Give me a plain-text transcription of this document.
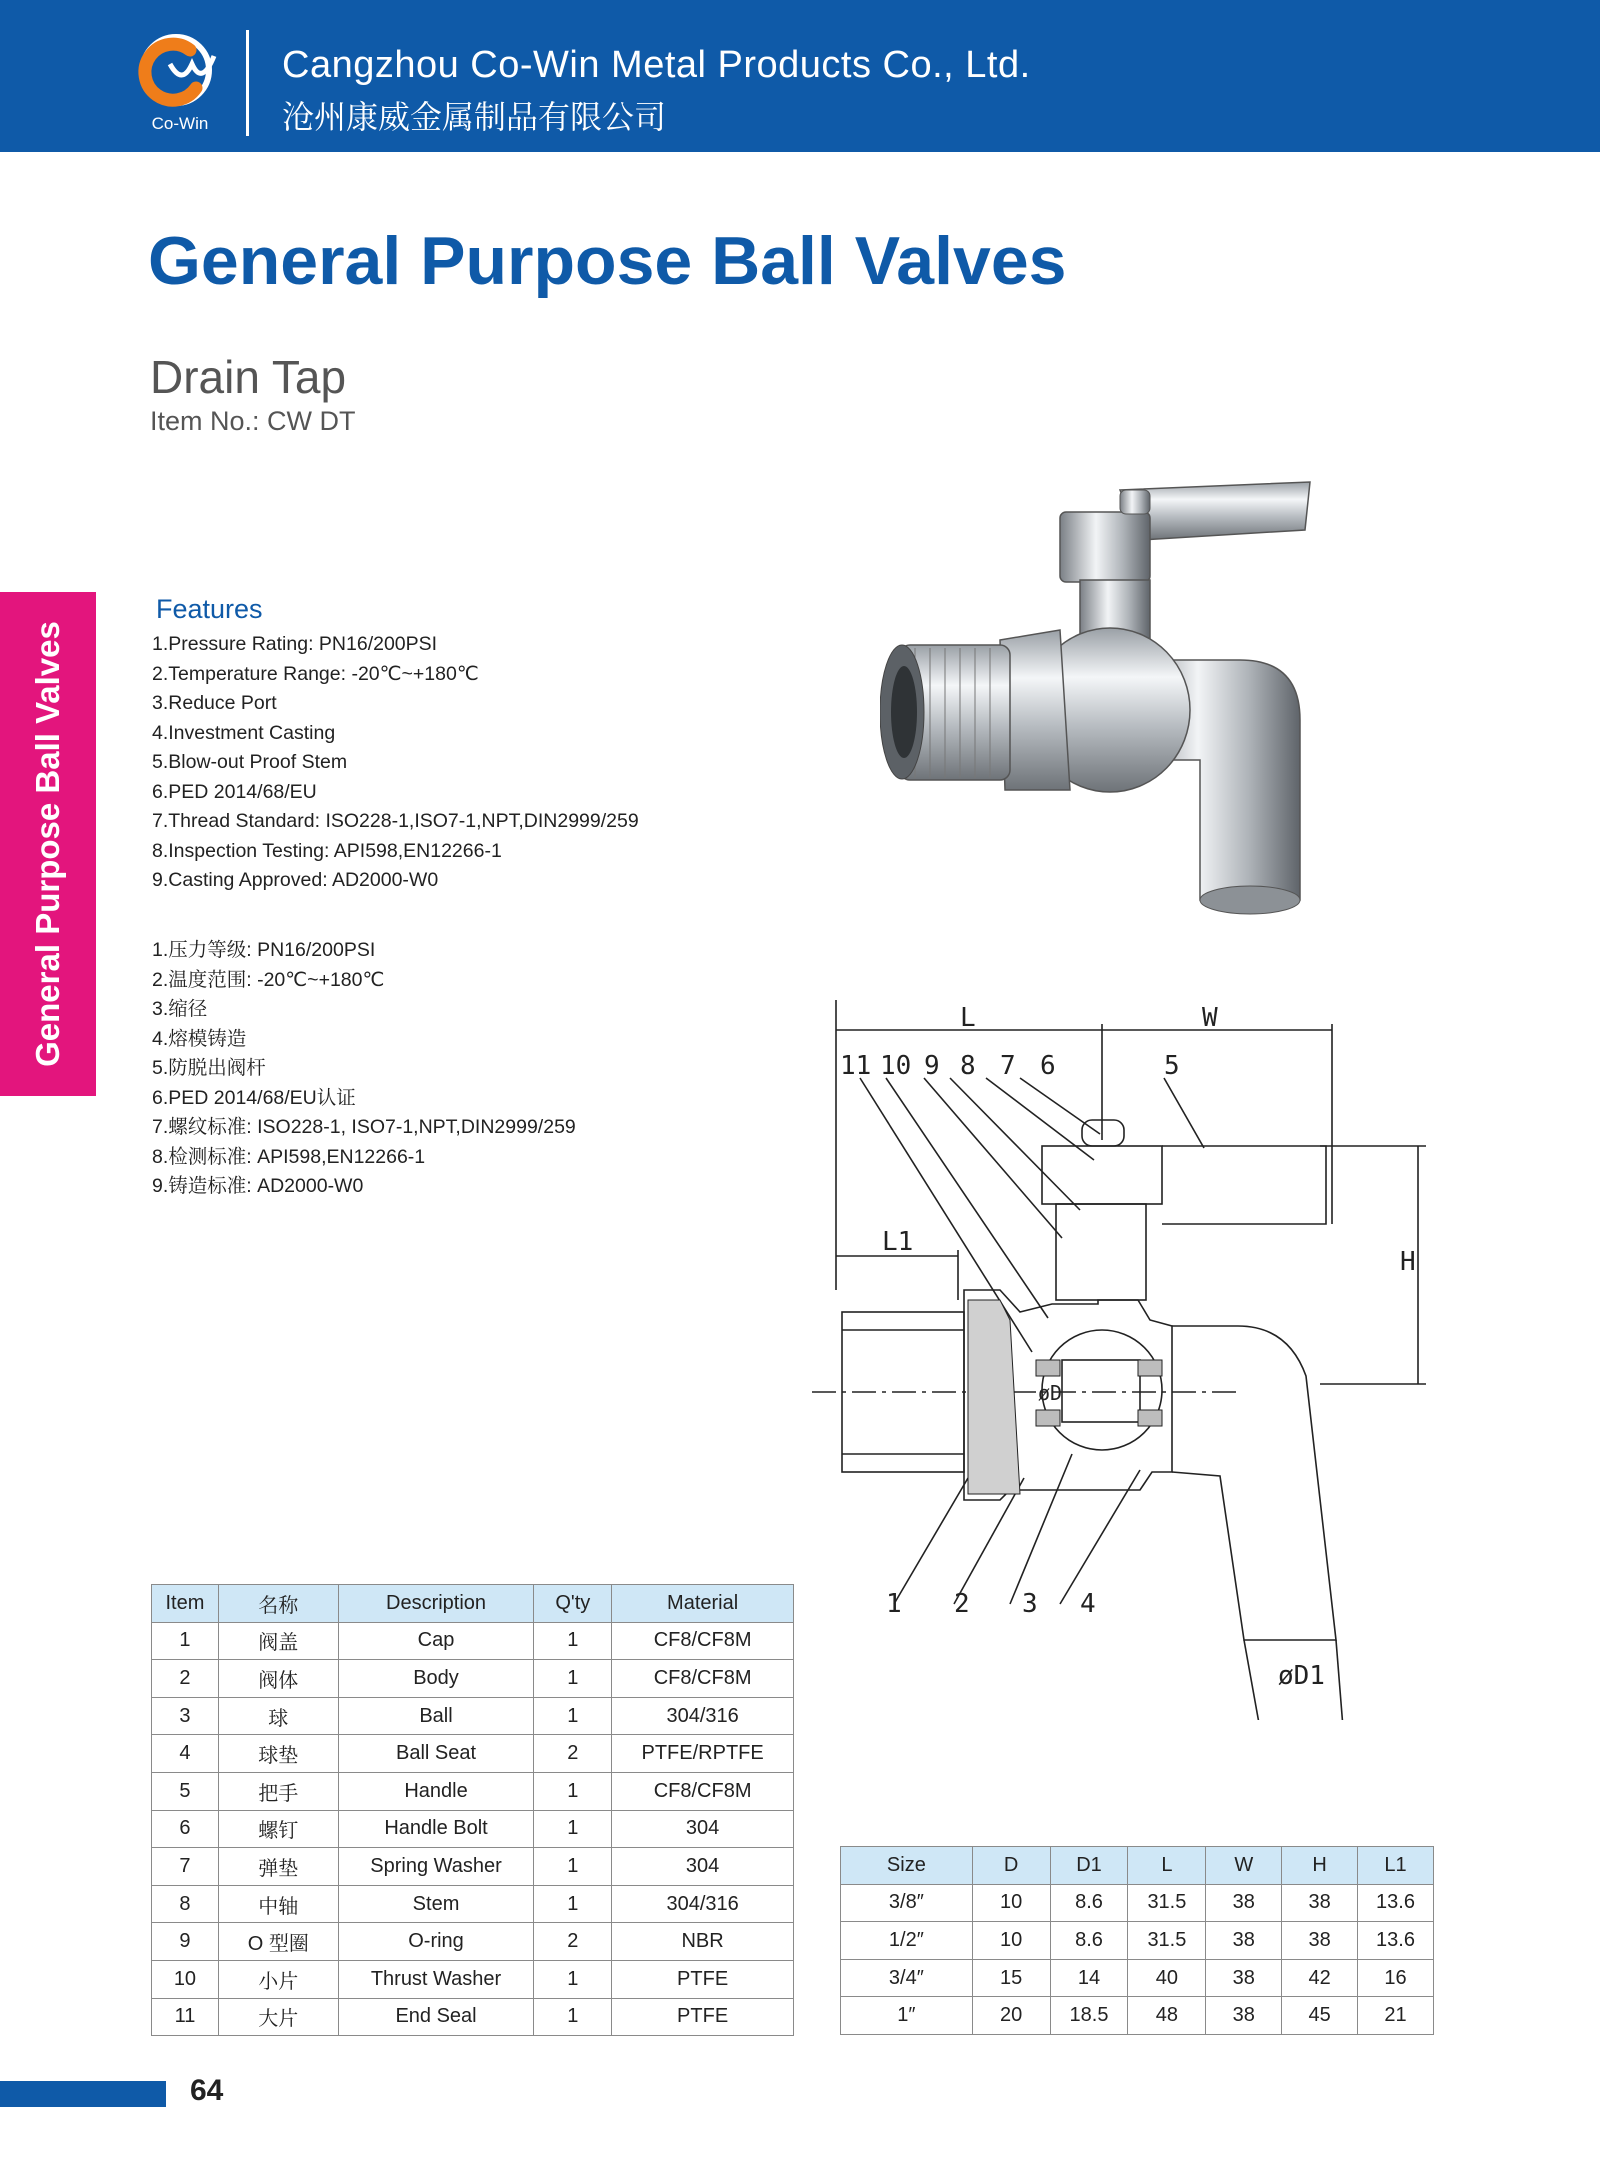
Co-Win
Cangzhou Co-Win Metal Products Co., Ltd.
沧州康威金属制品有限公司
General Purpose Ball Valves
Drain Tap
Item No.: CW DT
General Purpose Ball Valves
Features
1.Pressure Rating: PN16/200PSI
2.Temperature Range: -20℃~+180℃
3.Reduce Port
4.Investment Casting
5.Blow-out Proof Stem
6.PED 2014/68/EU
7.Thread Standard: ISO228-1,ISO7-1,NPT,DIN2999/259
8.Inspection Testing: API598,EN12266-1
9.Casting Approved: AD2000-W0
1.压力等级: PN16/200PSI
2.温度范围: -20℃~+180℃
3.缩径
4.熔模铸造
5.防脱出阀杆
6.PED 2014/68/EU认证
7.螺纹标准: ISO228-1, ISO7-1,NPT,DIN2999/259
8.检测标准: API598,EN12266-1
9.铸造标准: AD2000-W0
L	W
L1
H
øD1
øD
11 10 9 8 7 6	5
1 2 3 4
Item	名称	Description	Q'ty	Material
1	阀盖	Cap	1	CF8/CF8M
2	阀体	Body	1	CF8/CF8M
3	球	Ball	1	304/316
4	球垫	Ball Seat	2	PTFE/RPTFE
5	把手	Handle	1	CF8/CF8M
6	螺钉	Handle Bolt	1	304
7	弹垫	Spring Washer	1	304
8	中轴	Stem	1	304/316
9	O 型圈	O-ring	2	NBR
10	小片	Thrust Washer	1	PTFE
11	大片	End Seal	1	PTFE
Size	D	D1	L	W	H	L1
3/8″	10	8.6	31.5	38	38	13.6
1/2″	10	8.6	31.5	38	38	13.6
3/4″	15	14	40	38	42	16
1″	20	18.5	48	38	45	21
64
